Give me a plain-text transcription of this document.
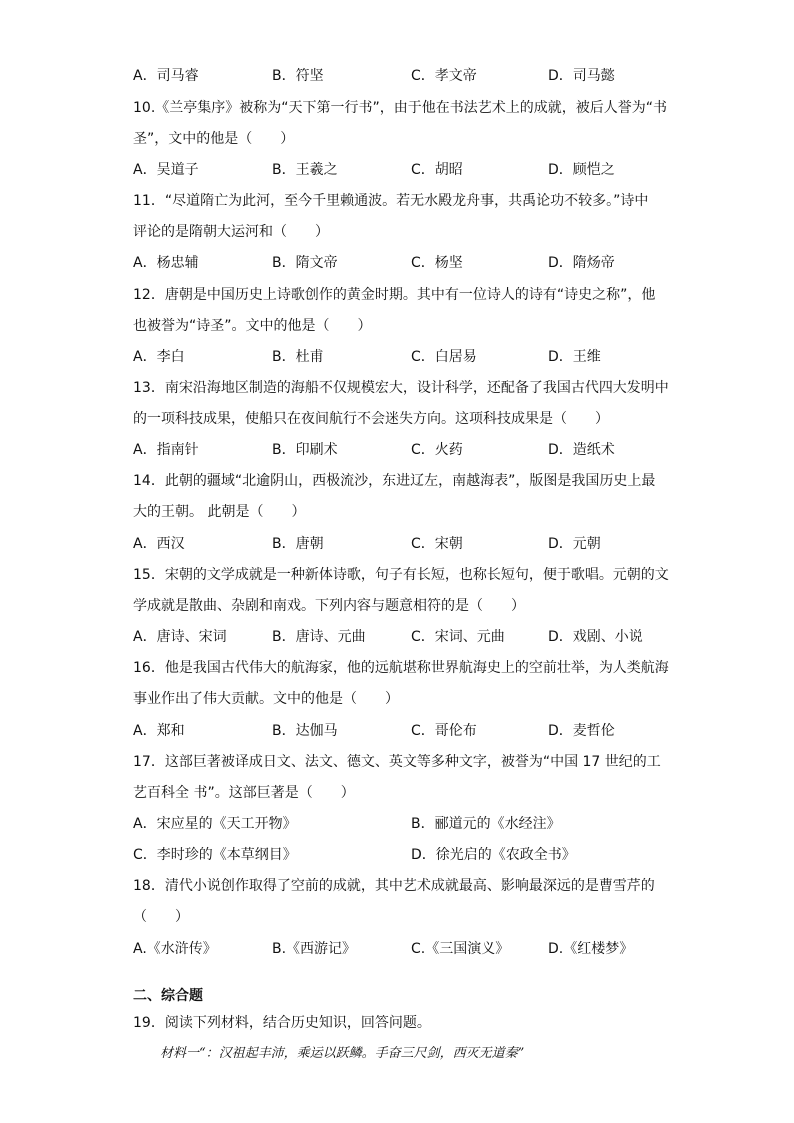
A．司马睿	B．符坚	C．孝文帝	D．司马懿
10.《兰亭集序》被称为“天下第一行书”，由于他在书法艺术上的成就，被后人誉为“书
圣”，文中的他是（　　）
A．吴道子	B．王羲之	C．胡昭	D．顾恺之
11．“尽道隋亡为此河，至今千里赖通波。若无水殿龙舟事，共禹论功不较多。”诗中
评论的是隋朝大运河和（　　）
A．杨忠辅	B．隋文帝	C．杨坚	D．隋炀帝
12．唐朝是中国历史上诗歌创作的黄金时期。其中有一位诗人的诗有“诗史之称”，他
也被誉为“诗圣”。文中的他是（　　）
A．李白	B．杜甫	C．白居易	D．王维
13．南宋沿海地区制造的海船不仅规模宏大，设计科学，还配备了我国古代四大发明中
的一项科技成果，使船只在夜间航行不会迷失方向。这项科技成果是（　　）
A．指南针	B．印刷术	C．火药	D．造纸术
14．此朝的疆域“北逾阴山，西极流沙，东进辽左，南越海表”，版图是我国历史上最
大的王朝。 此朝是（　　）
A．西汉	B．唐朝	C．宋朝	D．元朝
15．宋朝的文学成就是一种新体诗歌，句子有长短，也称长短句，便于歌唱。元朝的文
学成就是散曲、杂剧和南戏。下列内容与题意相符的是（　　）
A．唐诗、宋词	B．唐诗、元曲	C．宋词、元曲	D．戏剧、小说
16．他是我国古代伟大的航海家，他的远航堪称世界航海史上的空前壮举，为人类航海
事业作出了伟大贡献。文中的他是（　　）
A．郑和	B．达伽马	C．哥伦布	D．麦哲伦
17．这部巨著被译成日文、法文、德文、英文等多种文字，被誉为“中国 17 世纪的工
艺百科全 书”。这部巨著是（　　）
A．宋应星的《天工开物》	B．郦道元的《水经注》
C．李时珍的《本草纲目》	D．徐光启的《农政全书》
18．清代小说创作取得了空前的成就，其中艺术成就最高、影响最深远的是曹雪芹的
（　　）
A.《水浒传》	B.《西游记》	C.《三国演义》	D.《红楼梦》
二、综合题
19．阅读下列材料，结合历史知识，回答问题。
材料一“：汉祖起丰沛，乘运以跃鳞。手奋三尺剑，西灭无道秦”
